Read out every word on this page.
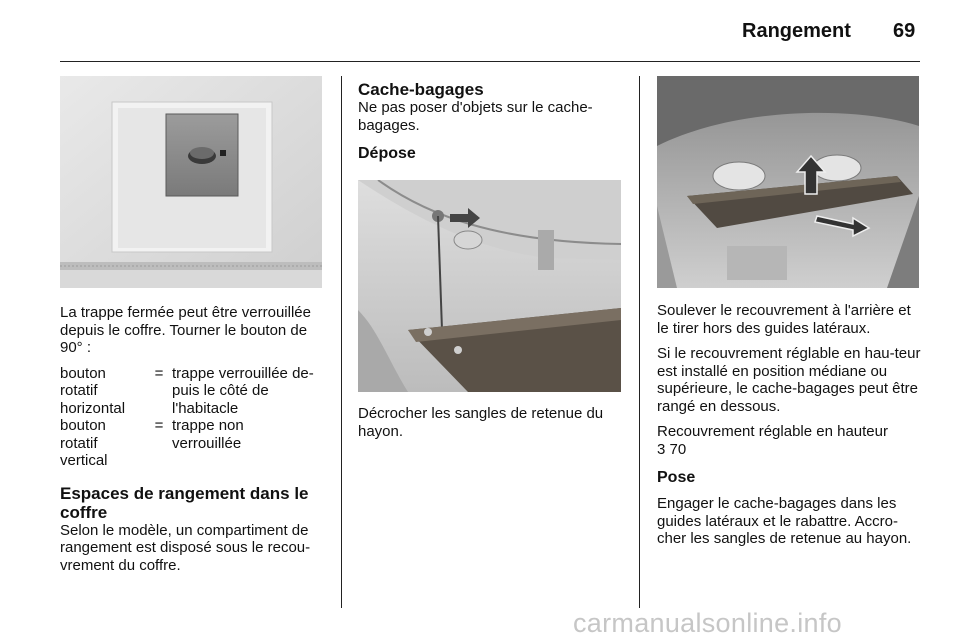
Rangement 69

La trappe fermée peut être verrouillée depuis le coffre. Tourner le bouton de 90° :

bouton
rotatif
horizontal
= trappe verrouillée de-
puis le côté de
l'habitacle
bouton
rotatif
vertical
= trappe non
verrouillée

Espaces de rangement dans le coffre

Selon le modèle, un compartiment de rangement est disposé sous le recou-vrement du coffre.

Cache-bagages

Ne pas poser d'objets sur le cache-bagages.

Dépose

Décrocher les sangles de retenue du hayon.

Soulever le recouvrement à l'arrière et le tirer hors des guides latéraux.

Si le recouvrement réglable en hau-teur est installé en position médiane ou supérieure, le cache-bagages peut être rangé en dessous.

Recouvrement réglable en hauteur
3 70

Pose

Engager le cache-bagages dans les guides latéraux et le rabattre. Accro-cher les sangles de retenue au hayon.

carmanualsonline.info
